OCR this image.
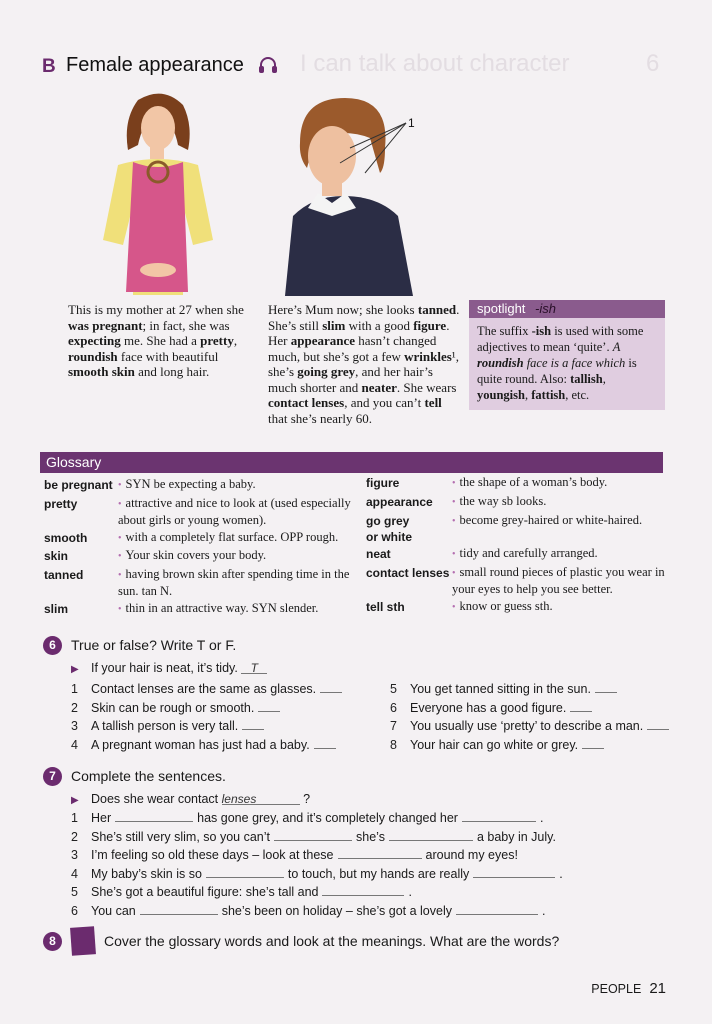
6
I can talk about character
B Female appearance
1
This is my mother at 27 when she was pregnant; in fact, she was expecting me. She had a pretty, roundish face with beautiful smooth skin and long hair.
Here’s Mum now; she looks tanned. She’s still slim with a good figure. Her appearance hasn’t changed much, but she’s got a few wrinkles¹, she’s going grey, and her hair’s much shorter and neater. She wears contact lenses, and you can’t tell that she’s nearly 60.
spotlight -ish
The suffix -ish is used with some adjectives to mean ‘quite’. A roundish face is a face which is quite round. Also: tallish, youngish, fattish, etc.
Glossary
be pregnant	• SYN be expecting a baby.
pretty	• attractive and nice to look at (used especially about girls or young women).
smooth	• with a completely flat surface. OPP rough.
skin	• Your skin covers your body.
tanned	• having brown skin after spending time in the sun. tan N.
slim	• thin in an attractive way. SYN slender.
figure	• the shape of a woman’s body.
appearance	• the way sb looks.
go grey	• become grey-haired or white-haired.
or white
neat	• tidy and carefully arranged.
contact lenses • small round pieces of plastic you wear in your eyes to help you see better.
tell sth	• know or guess sth.
6	True or false? Write T or F.
▶ If your hair is neat, it’s tidy. T
1 Contact lenses are the same as glasses.
2 Skin can be rough or smooth.
3 A tallish person is very tall.
4 A pregnant woman has just had a baby.
5 You get tanned sitting in the sun.
6 Everyone has a good figure.
7 You usually use ‘pretty’ to describe a man.
8 Your hair can go white or grey.
7	Complete the sentences.
▶ Does she wear contact lenses	?
1 Her	has gone grey, and it’s completely changed her	.
2 She’s still very slim, so you can’t	she’s	a baby in July.
3 I’m feeling so old these days – look at these	around my eyes!
4 My baby’s skin is so	to touch, but my hands are really	.
5 She’s got a beautiful figure: she’s tall and	.
6 You can	she’s been on holiday – she’s got a lovely	.
8	Cover the glossary words and look at the meanings. What are the words?
PEOPLE 21
